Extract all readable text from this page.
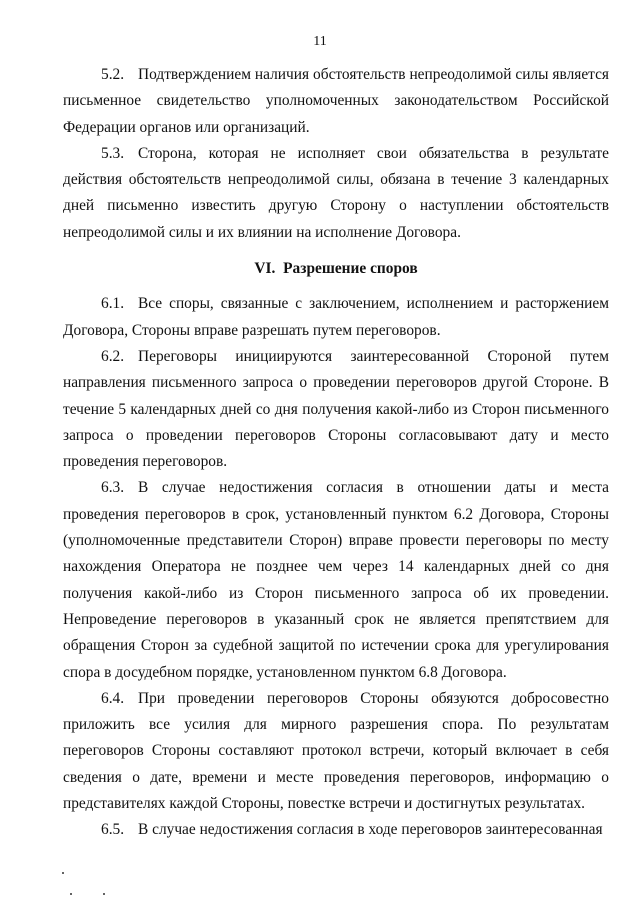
11

5.2. Подтверждением наличия обстоятельств непреодолимой силы является письменное свидетельство уполномоченных законодательством Российской Федерации органов или организаций.

5.3. Сторона, которая не исполняет свои обязательства в результате действия обстоятельств непреодолимой силы, обязана в течение 3 календарных дней письменно известить другую Сторону о наступлении обстоятельств непреодолимой силы и их влиянии на исполнение Договора.

VI. Разрешение споров

6.1. Все споры, связанные с заключением, исполнением и расторжением Договора, Стороны вправе разрешать путем переговоров.

6.2. Переговоры инициируются заинтересованной Стороной путем направления письменного запроса о проведении переговоров другой Стороне. В течение 5 календарных дней со дня получения какой-либо из Сторон письменного запроса о проведении переговоров Стороны согласовывают дату и место проведения переговоров.

6.3. В случае недостижения согласия в отношении даты и места проведения переговоров в срок, установленный пунктом 6.2 Договора, Стороны (уполномоченные представители Сторон) вправе провести переговоры по месту нахождения Оператора не позднее чем через 14 календарных дней со дня получения какой-либо из Сторон письменного запроса об их проведении. Непроведение переговоров в указанный срок не является препятствием для обращения Сторон за судебной защитой по истечении срока для урегулирования спора в досудебном порядке, установленном пунктом 6.8 Договора.

6.4. При проведении переговоров Стороны обязуются добросовестно приложить все усилия для мирного разрешения спора. По результатам переговоров Стороны составляют протокол встречи, который включает в себя сведения о дате, времени и месте проведения переговоров, информацию о представителях каждой Стороны, повестке встречи и достигнутых результатах.

6.5. В случае недостижения согласия в ходе переговоров заинтересованная
